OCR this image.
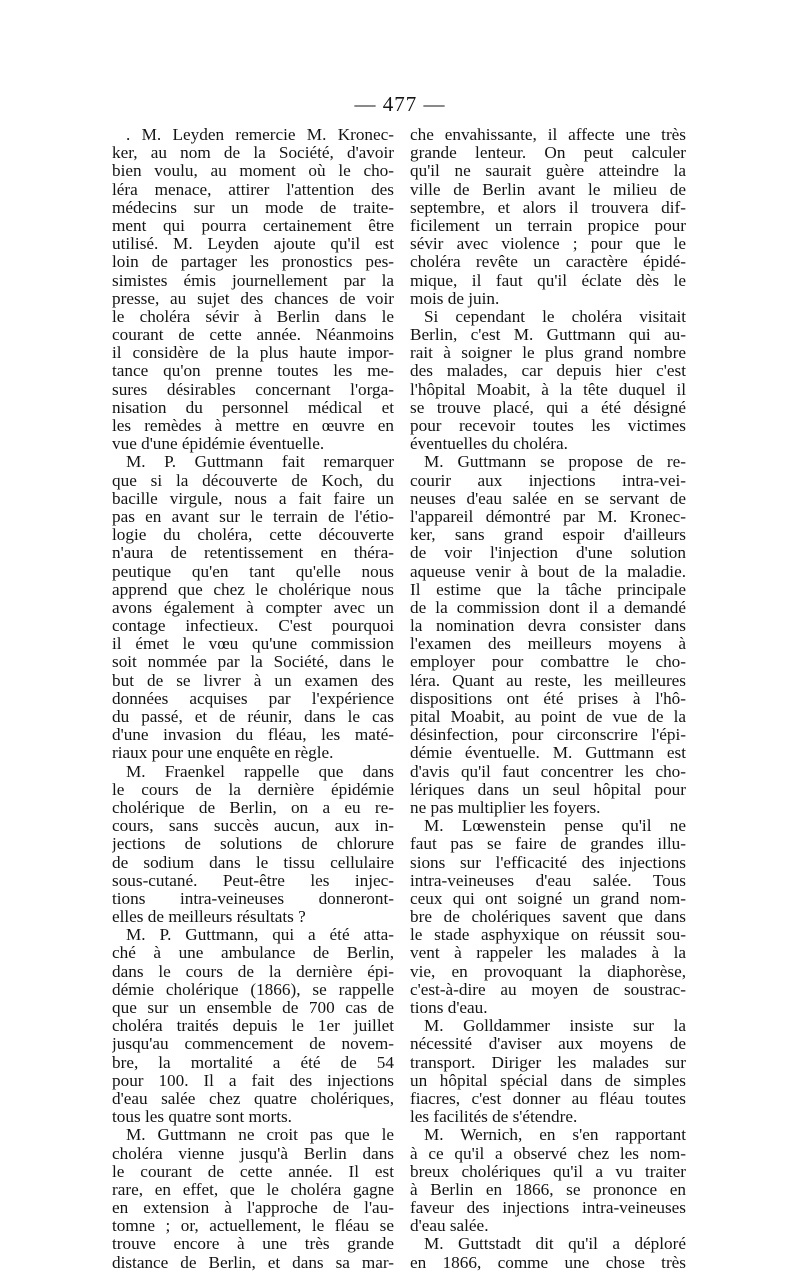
— 477 —
. M. Leyden remercie M. Kronec-
ker, au nom de la Société, d'avoir
bien voulu, au moment où le cho-
léra menace, attirer l'attention des
médecins sur un mode de traite-
ment qui pourra certainement être
utilisé. M. Leyden ajoute qu'il est
loin de partager les pronostics pes-
simistes émis journellement par la
presse, au sujet des chances de voir
le choléra sévir à Berlin dans le
courant de cette année. Néanmoins
il considère de la plus haute impor-
tance qu'on prenne toutes les me-
sures désirables concernant l'orga-
nisation du personnel médical et
les remèdes à mettre en œuvre en
vue d'une épidémie éventuelle.
M. P. Guttmann fait remarquer
que si la découverte de Koch, du
bacille virgule, nous a fait faire un
pas en avant sur le terrain de l'étio-
logie du choléra, cette découverte
n'aura de retentissement en théra-
peutique qu'en tant qu'elle nous
apprend que chez le cholérique nous
avons également à compter avec un
contage infectieux. C'est pourquoi
il émet le vœu qu'une commission
soit nommée par la Société, dans le
but de se livrer à un examen des
données acquises par l'expérience
du passé, et de réunir, dans le cas
d'une invasion du fléau, les maté-
riaux pour une enquête en règle.
M. Fraenkel rappelle que dans
le cours de la dernière épidémie
cholérique de Berlin, on a eu re-
cours, sans succès aucun, aux in-
jections de solutions de chlorure
de sodium dans le tissu cellulaire
sous-cutané. Peut-être les injec-
tions intra-veineuses donneront-
elles de meilleurs résultats ?
M. P. Guttmann, qui a été atta-
ché à une ambulance de Berlin,
dans le cours de la dernière épi-
démie cholérique (1866), se rappelle
que sur un ensemble de 700 cas de
choléra traités depuis le 1er juillet
jusqu'au commencement de novem-
bre, la mortalité a été de 54
pour 100. Il a fait des injections
d'eau salée chez quatre cholériques,
tous les quatre sont morts.
M. Guttmann ne croit pas que le
choléra vienne jusqu'à Berlin dans
le courant de cette année. Il est
rare, en effet, que le choléra gagne
en extension à l'approche de l'au-
tomne ; or, actuellement, le fléau se
trouve encore à une très grande
distance de Berlin, et dans sa mar-
che envahissante, il affecte une très
grande lenteur. On peut calculer
qu'il ne saurait guère atteindre la
ville de Berlin avant le milieu de
septembre, et alors il trouvera dif-
ficilement un terrain propice pour
sévir avec violence ; pour que le
choléra revête un caractère épidé-
mique, il faut qu'il éclate dès le
mois de juin.
Si cependant le choléra visitait
Berlin, c'est M. Guttmann qui au-
rait à soigner le plus grand nombre
des malades, car depuis hier c'est
l'hôpital Moabit, à la tête duquel il
se trouve placé, qui a été désigné
pour recevoir toutes les victimes
éventuelles du choléra.
M. Guttmann se propose de re-
courir aux injections intra-vei-
neuses d'eau salée en se servant de
l'appareil démontré par M. Kronec-
ker, sans grand espoir d'ailleurs
de voir l'injection d'une solution
aqueuse venir à bout de la maladie.
Il estime que la tâche principale
de la commission dont il a demandé
la nomination devra consister dans
l'examen des meilleurs moyens à
employer pour combattre le cho-
léra. Quant au reste, les meilleures
dispositions ont été prises à l'hô-
pital Moabit, au point de vue de la
désinfection, pour circonscrire l'épi-
démie éventuelle. M. Guttmann est
d'avis qu'il faut concentrer les cho-
lériques dans un seul hôpital pour
ne pas multiplier les foyers.
M. Lœwenstein pense qu'il ne
faut pas se faire de grandes illu-
sions sur l'efficacité des injections
intra-veineuses d'eau salée. Tous
ceux qui ont soigné un grand nom-
bre de cholériques savent que dans
le stade asphyxique on réussit sou-
vent à rappeler les malades à la
vie, en provoquant la diaphorèse,
c'est-à-dire au moyen de soustrac-
tions d'eau.
M. Golldammer insiste sur la
nécessité d'aviser aux moyens de
transport. Diriger les malades sur
un hôpital spécial dans de simples
fiacres, c'est donner au fléau toutes
les facilités de s'étendre.
M. Wernich, en s'en rapportant
à ce qu'il a observé chez les nom-
breux cholériques qu'il a vu traiter
à Berlin en 1866, se prononce en
faveur des injections intra-veineuses
d'eau salée.
M. Guttstadt dit qu'il a déploré
en 1866, comme une chose très
